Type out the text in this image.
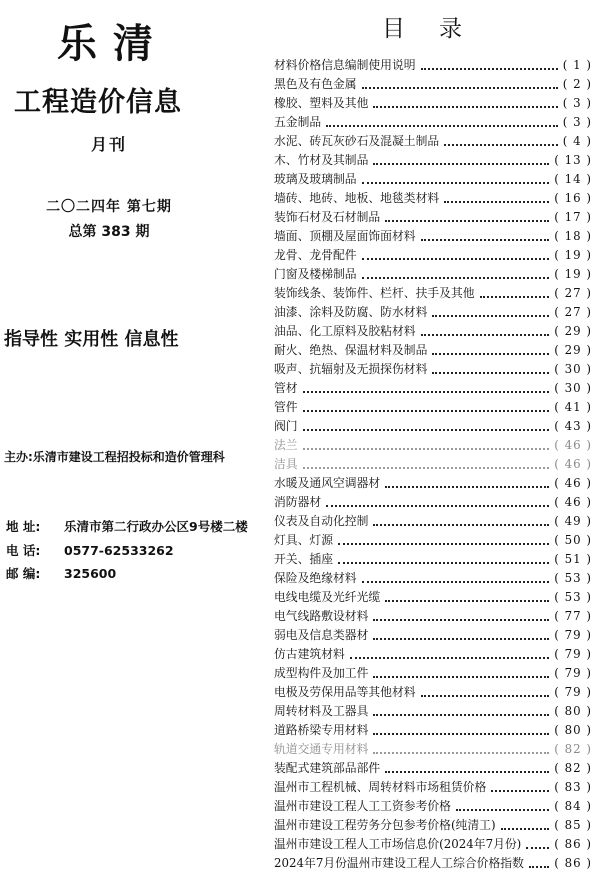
乐清
工程造价信息
月刊
二〇二四年 第七期
总第 383 期
指导性 实用性 信息性
主办:乐清市建设工程招投标和造价管理科
地 址: 乐清市第二行政办公区9号楼二楼
电 话: 0577-62533262
邮 编: 325600
目录
材料价格信息编制使用说明	( 1 )
黑色及有色金属	( 2 )
橡胶、塑料及其他	( 3 )
五金制品	( 3 )
水泥、砖瓦灰砂石及混凝土制品	( 4 )
木、竹材及其制品	( 13 )
玻璃及玻璃制品	( 14 )
墙砖、地砖、地板、地毯类材料	( 16 )
装饰石材及石材制品	( 17 )
墙面、顶棚及屋面饰面材料	( 18 )
龙骨、龙骨配件	( 19 )
门窗及楼梯制品	( 19 )
装饰线条、装饰件、栏杆、扶手及其他	( 27 )
油漆、涂料及防腐、防水材料	( 27 )
油品、化工原料及胶粘材料	( 29 )
耐火、绝热、保温材料及制品	( 29 )
吸声、抗辐射及无损探伤材料	( 30 )
管材	( 30 )
管件	( 41 )
阀门	( 43 )
法兰	( 46 )
洁具	( 46 )
水暖及通风空调器材	( 46 )
消防器材	( 46 )
仪表及自动化控制	( 49 )
灯具、灯源	( 50 )
开关、插座	( 51 )
保险及绝缘材料	( 53 )
电线电缆及光纤光缆	( 53 )
电气线路敷设材料	( 77 )
弱电及信息类器材	( 79 )
仿古建筑材料	( 79 )
成型构件及加工件	( 79 )
电极及劳保用品等其他材料	( 79 )
周转材料及工器具	( 80 )
道路桥梁专用材料	( 80 )
轨道交通专用材料	( 82 )
装配式建筑部品部件	( 82 )
温州市工程机械、周转材料市场租赁价格	( 83 )
温州市建设工程人工工资参考价格	( 84 )
温州市建设工程劳务分包参考价格(纯清工)	( 85 )
温州市建设工程人工市场信息价(2024年7月份)	( 86 )
2024年7月份温州市建设工程人工综合价格指数	( 86 )
